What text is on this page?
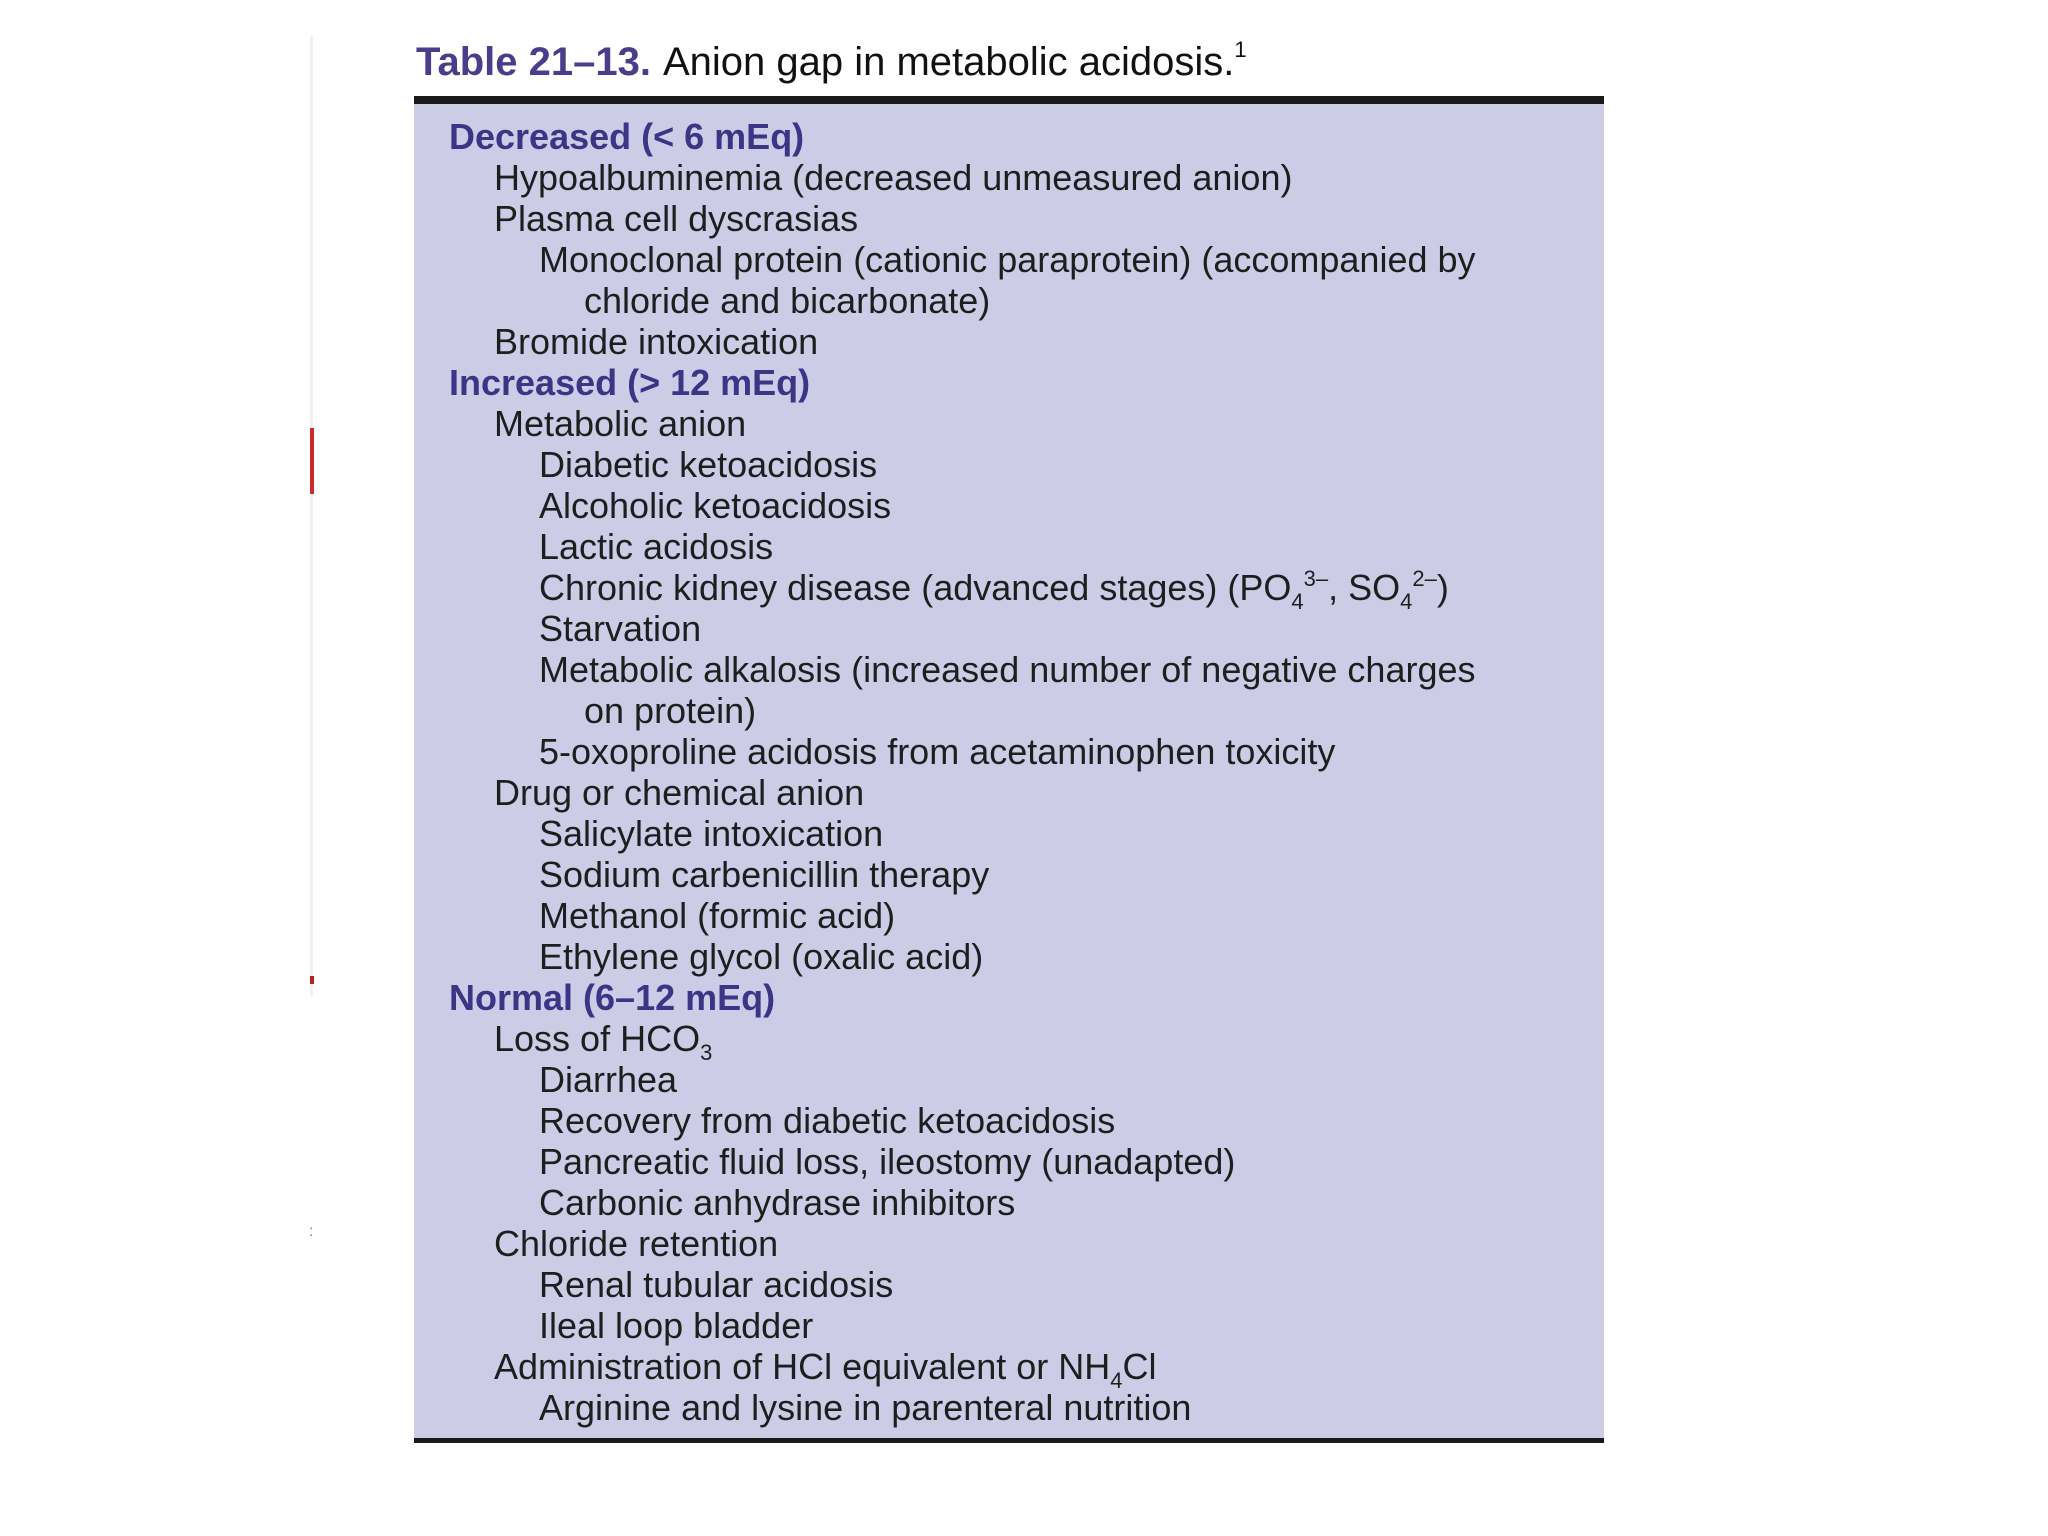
:
Table 21–13. Anion gap in metabolic acidosis.$^1$
Decreased (< 6 mEq)
Hypoalbuminemia (decreased unmeasured anion)
Plasma cell dyscrasias
Monoclonal protein (cationic paraprotein) (accompanied by
chloride and bicarbonate)
Bromide intoxication
Increased (> 12 mEq)
Metabolic anion
Diabetic ketoacidosis
Alcoholic ketoacidosis
Lactic acidosis
Chronic kidney disease (advanced stages) ($PO_4^{3-}$, $SO_4^{2-}$)
Starvation
Metabolic alkalosis (increased number of negative charges
on protein)
5-oxoproline acidosis from acetaminophen toxicity
Drug or chemical anion
Salicylate intoxication
Sodium carbenicillin therapy
Methanol (formic acid)
Ethylene glycol (oxalic acid)
Normal (6–12 mEq)
Loss of $HCO_3$
Diarrhea
Recovery from diabetic ketoacidosis
Pancreatic fluid loss, ileostomy (unadapted)
Carbonic anhydrase inhibitors
Chloride retention
Renal tubular acidosis
Ileal loop bladder
Administration of HCl equivalent or $NH_4Cl$
Arginine and lysine in parenteral nutrition
